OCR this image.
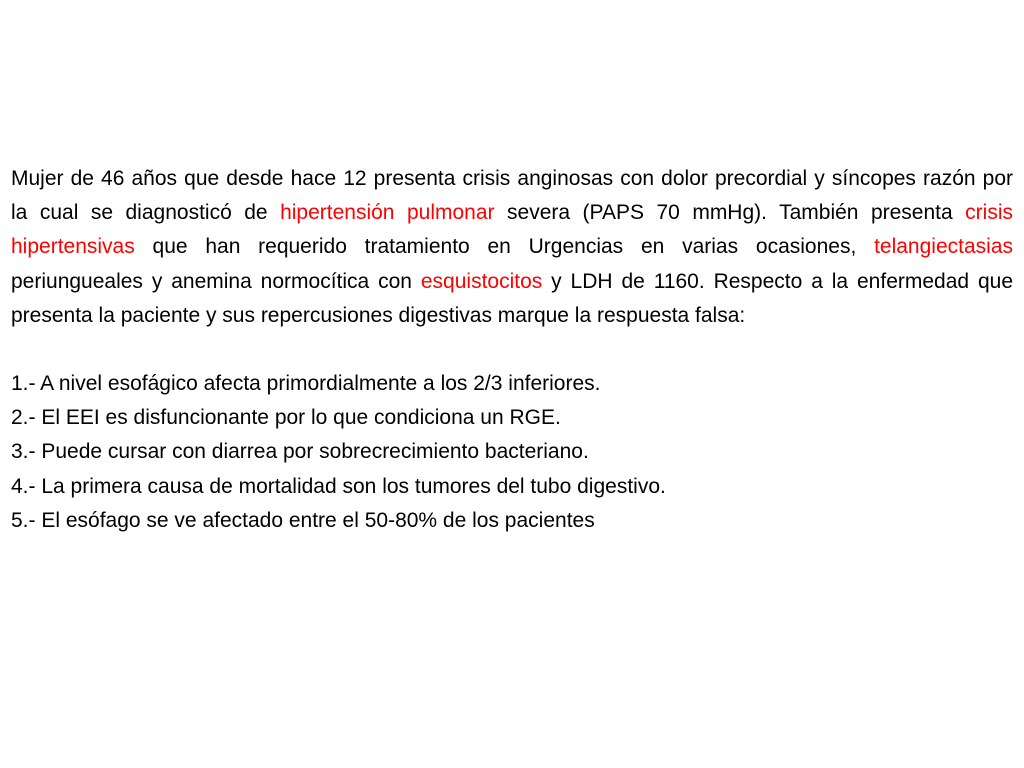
Mujer de 46 años que desde hace 12 presenta crisis anginosas con dolor precordial y síncopes razón por la cual se diagnosticó de hipertensión pulmonar severa (PAPS 70 mmHg). También presenta crisis hipertensivas que han requerido tratamiento en Urgencias en varias ocasiones, telangiectasias periungueales y anemina normocítica con esquistocitos y LDH de 1160. Respecto a la enfermedad que presenta la paciente y sus repercusiones digestivas marque la respuesta falsa:

1.- A nivel esofágico afecta primordialmente a los 2/3 inferiores.

2.- El EEI es disfuncionante por lo que condiciona un RGE.

3.- Puede cursar con diarrea por sobrecrecimiento bacteriano.

4.- La primera causa de mortalidad son los tumores del tubo digestivo.

5.- El esófago se ve afectado entre el 50-80% de los pacientes
